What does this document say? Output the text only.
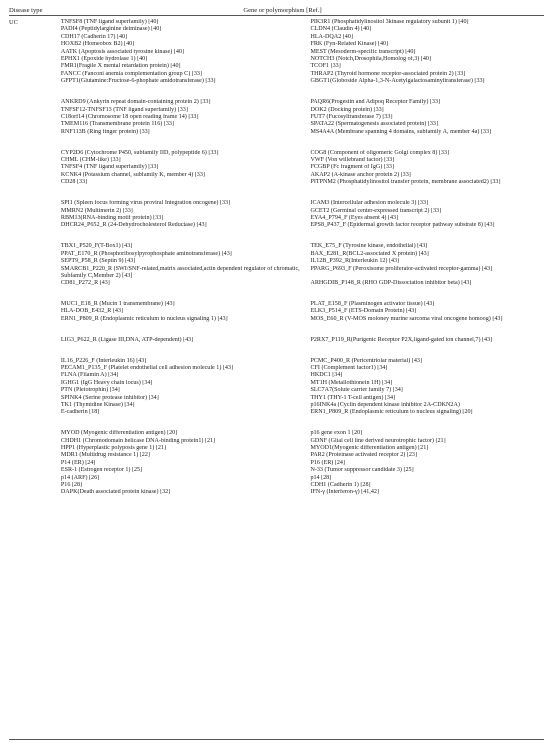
Disease type	Gene or polymorphism [Ref.]
UC	TNFSF8 (TNF ligand superfamily) [40]
PADI4 (Peptidylarginine deiminase) [40]
CDH17 (Cadherin 17) [40]
HOXB2 (Homeobox B2) [40]
AATK (Apoptosis associated tyrosine kinase) [40]
EPHX1 (Epoxide hydrolase 1) [40]
FMR1(Fragile X mental retardation protein) [40]
FANCC (Fanconi anemia complementation group C) [33]
GFPT1(Glutamine:Fructose-6-phophate amidotransferase) [33]
ANKRD9 (Ankyrin repeat domain-containing protein 2) [33]
TNFSF12-TNFSF13 (TNF ligand superfamily) [33]
C18orf14 (Chromosome 18 open reading frame 14) [33]
TMEM116 (Transmembrane protein 116) [33]
RNF113B (Ring finger protein) [33]
CYP2D6 (Cytochrome P450, subfamily IID, polypeptide 6) [33]
CHML (CHM-like) [33]
TNFSF4 (TNF ligand superfamily) [33]
KCNK4 (Potassium channel, subfamily K, member 4) [33]
CD28 [33]
SPI1 (Spleen focus forming virus proviral Integration oncogene) [33]
MMRN2 (Multimerin 2) [33]
RBM13(RNA-binding motif protein) [33]
DHCR24_P652_R (24-Dehydrocholesterol Reductase) [43]
TBX1_P520_F(T-Box1) [43]
PPAT_E170_R (Phosphoribosylpyrophosphate aminotransferase) [43]
SEPT9_P58_R (Septin 9) [43]
SMARCB1_P220_R (SWI/SNF-related,matrix associated,actin dependent regulator of chromatic, Subfamily C,Member 2) [43]
CD81_P272_R [43]
MUC1_E18_R (Mucin 1 transmembrane) [43]
HLA-DOB_E432_R [43]
ERN1_P809_R (Endoplasmic reticulum to nucleus signaling 1) [43]
LIG3_P622_R (Ligase III,DNA, ATP-dependent) [43]
IL16_P226_F (Interleukin 16) [43]
PECAM1_P135_F (Platelet endothelial cell adhesion molecule 1) [43]
FLNA (Filamin A) [34]
IGHG1 (IgG Heavy chain locus) [34]
PTN (Pleiotrophin) [34]
SPINK4 (Serine protease inhibitor) [34]
TK1 (Thymidine Kinase) [34]
E-cadherin [18]
MYOD (Myogenic differentiation antigen) [20]
CHDH1 (Chromodomain helicase DNA-binding protein1) [21]
HPP1 (Hyperplastic polyposis gene 1) [21]
MDR1 (Multidrug resistance 1) [22]
P14 (ER) [24]
ESR-1 (Estrogen receptor 1) [25]
p14 (ARF) [26]
P16 [28]
DAPK(Death associated protein kinase) [32]
PIK3R1 (Phosphatidylinositol 3kinase regulatory subunit 1) [40]
CLDN4 (Claudin 4) [40]
HLA-DQA2 [40]
FRK (Fyn-Related Kinase) [40]
MEST (Mesoderm-specific transcript) [40]
NOTCH3 (Notch,Drosophila,Homolog of,3) [40]
TCOF1 [33]
THRAP2 (Thyroid hormone receptor-associated protein 2) [33]
GBGT1(Globoside Alpha-1,3-N-Acetylgalactosaminyltransferase) [33]
PAQR6(Progestin and Adipoq Receptor Family) [33]
DOK2 (Docking protein) [33]
FUT7 (Fucosyltransferase 7) [33]
SPATA22 (Spermatogenesis associated protein) [33]
MS4A4A (Membrane spanning 4 domains, subfamily A, member 4a) [33]
COG8 (Component of oligomeric Golgi complex 8) [33]
VWF (Von willebrand factor) [33]
FCGBP (Fc fragment of IgG) [33]
AKAP2 (A-kinase anchor protein 2) [33]
PITPNM2 (Phosphatidylinositol transfer protein, membrane associated2) [33]
ICAM3 (Intercellular adhesion molecule 3) [33]
GCET2 (Germinal center-expressed transcript 2) [33]
EYA4_P794_F (Eyes absent 4) [43]
EPS8_P437_F (Epidermal growth factor receptor pathway substrate 8) [43]
TEK_E75_F (Tyrosine kinase, endothelial) [43]
BAX_E281_R(BCL2-associated X protein) [43]
IL12B_P392_R(Interleukin 12) [43]
PPARG_P693_F (Peroxisome proliferator-activated receptor-gamma) [43]
ARHGDIB_P148_R (RHO GDP-Dissociation inhibitor beta) [43]
PLAT_E158_F (Plasminogen activator tissue) [43]
ELK3_P514_F (ETS-Domain Protein) [43]
MOS_E60_R (V-MOS moloney murine sarcoma viral oncogene homoog) [43]
P2RX7_P119_R(Purigenic Receptor P2X,ligand-gated ion channel,7) [43]
PCMC_P400_R (Pericentriolar material) [43]
CFI (Complement factor1) [34]
HKDC1 [34]
MT1H (Metallothionein 1H) [34]
SLC7A7(Solute carrier family 7) [34]
THY1 (THY-1 T-cell antigen) [34]
p16INK4a (Cyclin dependent kinase inhibitor 2A-CDKN2A)
ERN1_P809_R (Endoplasmic reticulum to nucleus signaling) [20]
p16 gene exon 1 [20]
GDNF (Glial cell line derived neurotrophic factor) [21]
MYOD1(Myogenic differentiation antigen) [21]
PAR2 (Proteinase activated receptor 2) [23]
P16 (ER) [24]
N-33 (Tumor suppressor candidate 3) [25]
p14 [28]
CDH1 (Cadherin 1) [28]
IFN-γ (Interferon-γ) [41,42]
